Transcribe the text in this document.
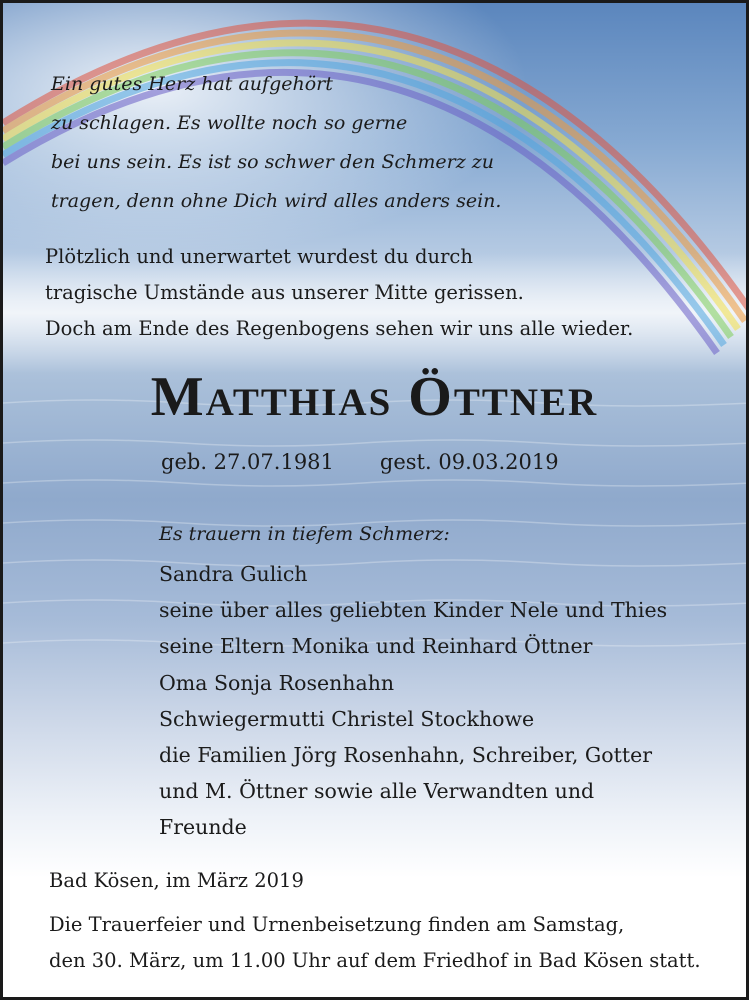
Ein gutes Herz hat aufgehört
zu schlagen. Es wollte noch so gerne
bei uns sein. Es ist so schwer den Schmerz zu
tragen, denn ohne Dich wird alles anders sein.
Plötzlich und unerwartet wurdest du durch
tragische Umstände aus unserer Mitte gerissen.
Doch am Ende des Regenbogens sehen wir uns alle wieder.
Matthias Öttner
geb. 27.07.1981 gest. 09.03.2019
Es trauern in tiefem Schmerz:
Sandra Gulich
seine über alles geliebten Kinder Nele und Thies
seine Eltern Monika und Reinhard Öttner
Oma Sonja Rosenhahn
Schwiegermutti Christel Stockhowe
die Familien Jörg Rosenhahn, Schreiber, Gotter
und M. Öttner sowie alle Verwandten und
Freunde
Bad Kösen, im März 2019
Die Trauerfeier und Urnenbeisetzung finden am Samstag,
den 30. März, um 11.00 Uhr auf dem Friedhof in Bad Kösen statt.
